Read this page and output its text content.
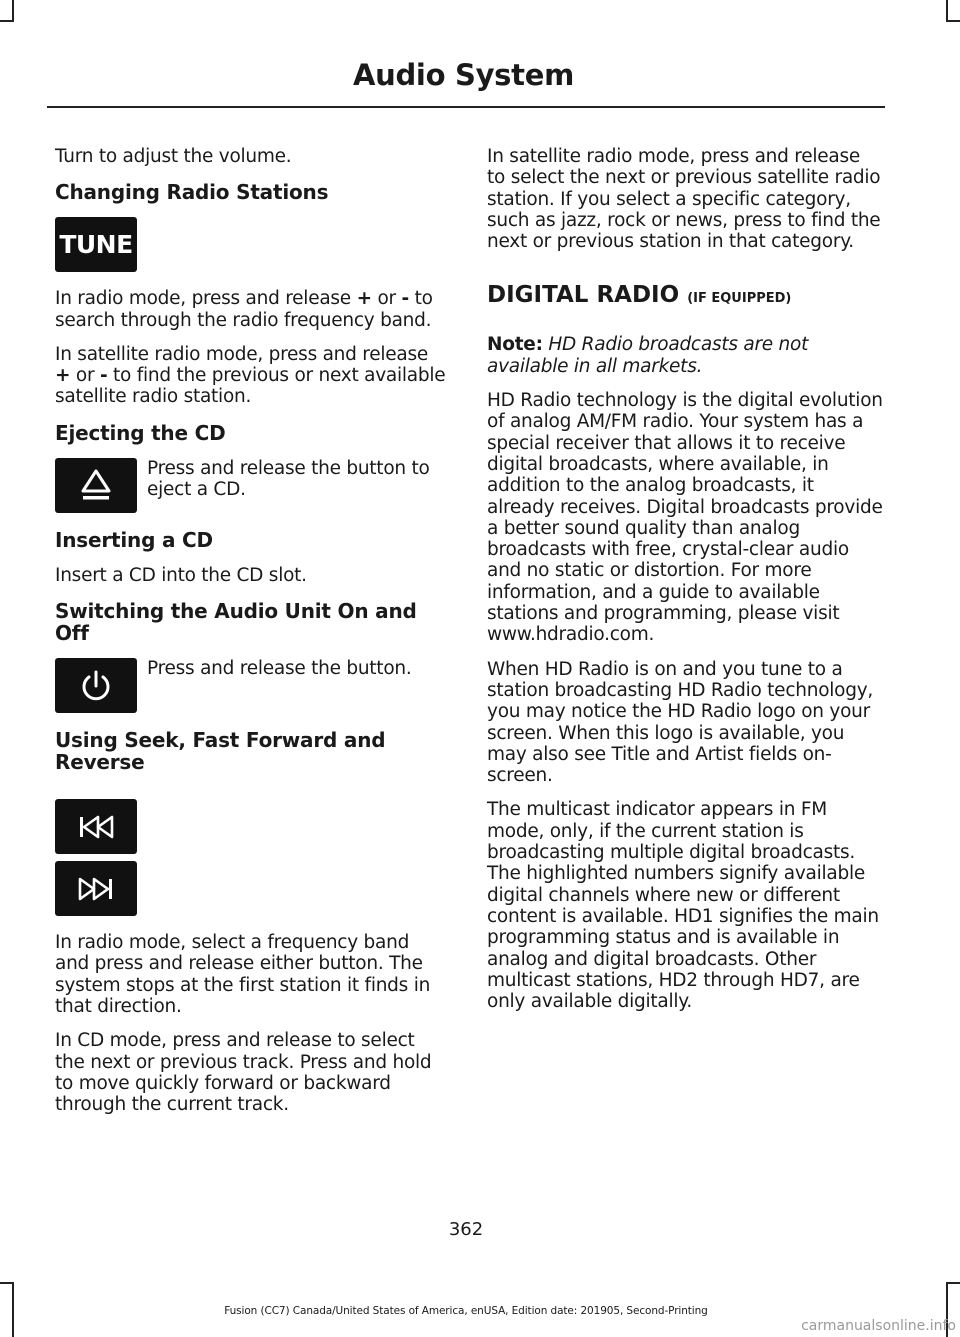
Audio System

Turn to adjust the volume.

Changing Radio Stations
TUNE

In radio mode, press and release + or - to search through the radio frequency band.

In satellite radio mode, press and release + or - to find the previous or next available satellite radio station.

Ejecting the CD

Press and release the button to eject a CD.

Inserting a CD

Insert a CD into the CD slot.

Switching the Audio Unit On and Off

Press and release the button.

Using Seek, Fast Forward and Reverse

In radio mode, select a frequency band and press and release either button. The system stops at the first station it finds in that direction.

In CD mode, press and release to select the next or previous track. Press and hold to move quickly forward or backward through the current track.

In satellite radio mode, press and release to select the next or previous satellite radio station. If you select a specific category, such as jazz, rock or news, press to find the next or previous station in that category.

DIGITAL RADIO (IF EQUIPPED)

Note: HD Radio broadcasts are not available in all markets.

HD Radio technology is the digital evolution of analog AM/FM radio. Your system has a special receiver that allows it to receive digital broadcasts, where available, in addition to the analog broadcasts, it already receives. Digital broadcasts provide a better sound quality than analog broadcasts with free, crystal-clear audio and no static or distortion. For more information, and a guide to available stations and programming, please visit www.hdradio.com.

When HD Radio is on and you tune to a station broadcasting HD Radio technology, you may notice the HD Radio logo on your screen. When this logo is available, you may also see Title and Artist fields on-screen.

The multicast indicator appears in FM mode, only, if the current station is broadcasting multiple digital broadcasts. The highlighted numbers signify available digital channels where new or different content is available. HD1 signifies the main programming status and is available in analog and digital broadcasts. Other multicast stations, HD2 through HD7, are only available digitally.

362
Fusion (CC7) Canada/United States of America, enUSA, Edition date: 201905, Second-Printing
carmanualsonline.info
